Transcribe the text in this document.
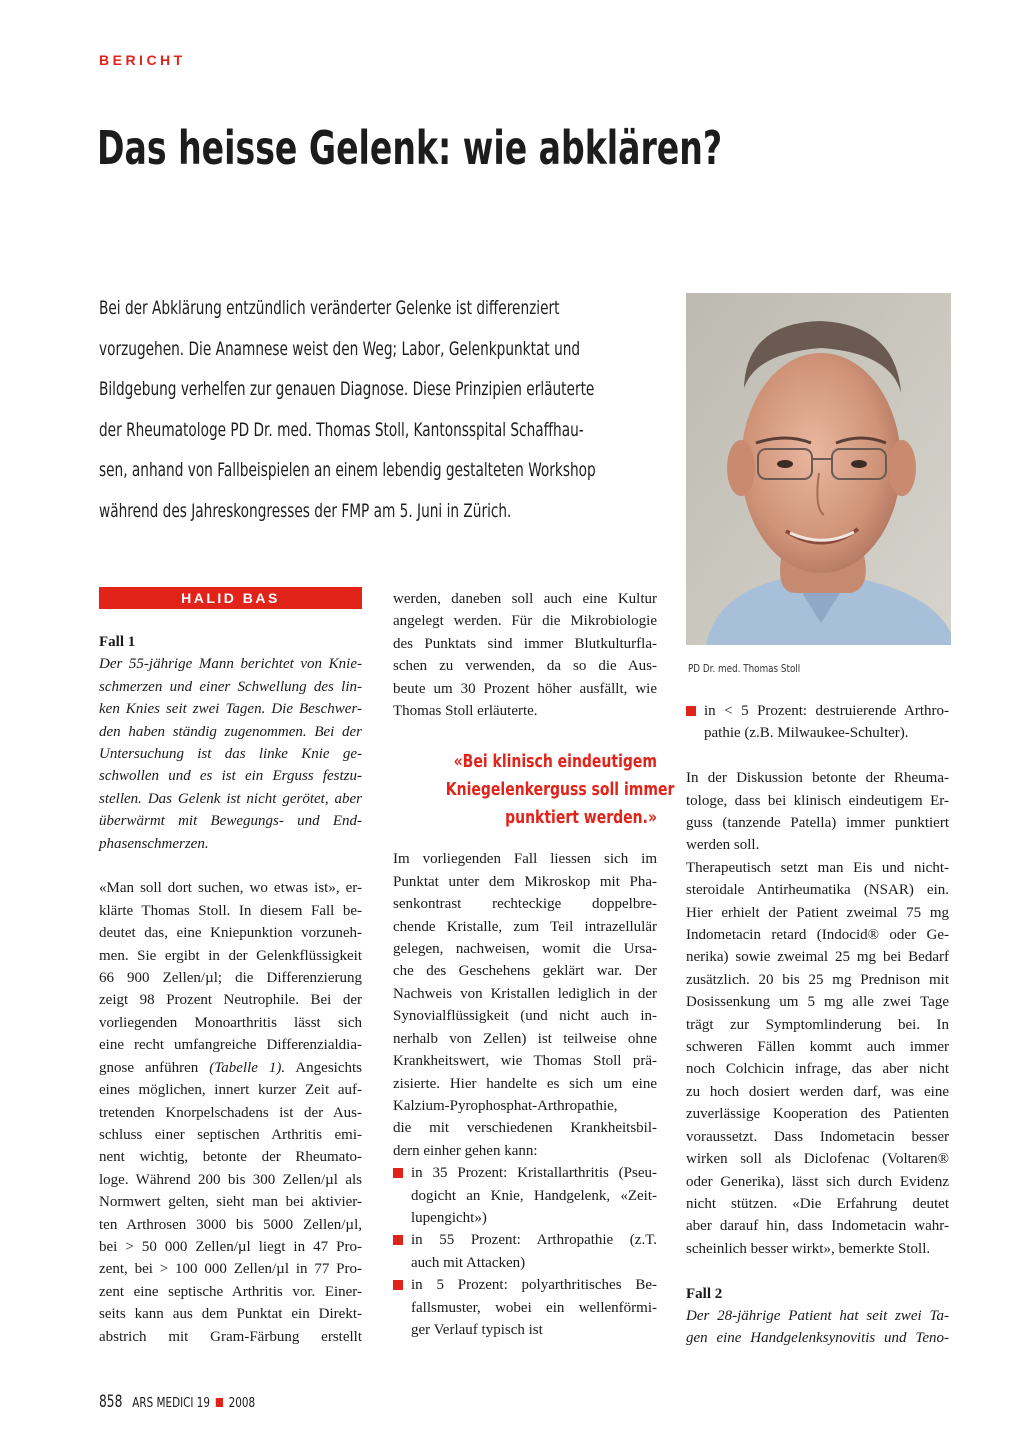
BERICHT
Das heisse Gelenk: wie abklären?
Bei der Abklärung entzündlich veränderter Gelenke ist differenziert
vorzugehen. Die Anamnese weist den Weg; Labor, Gelenkpunktat und
Bildgebung verhelfen zur genauen Diagnose. Diese Prinzipien erläuterte
der Rheumatologe PD Dr. med. Thomas Stoll, Kantonsspital Schaffhau-
sen, anhand von Fallbeispielen an einem lebendig gestalteten Workshop
während des Jahreskongresses der FMP am 5. Juni in Zürich.
PD Dr. med. Thomas Stoll
HALID BAS
Fall 1
Der 55-jährige Mann berichtet von Knie-
schmerzen und einer Schwellung des lin-
ken Knies seit zwei Tagen. Die Beschwer-
den haben ständig zugenommen. Bei der
Untersuchung ist das linke Knie ge-
schwollen und es ist ein Erguss festzu-
stellen. Das Gelenk ist nicht gerötet, aber
überwärmt mit Bewegungs- und End-
phasenschmerzen.
«Man soll dort suchen, wo etwas ist», er-
klärte Thomas Stoll. In diesem Fall be-
deutet das, eine Kniepunktion vorzuneh-
men. Sie ergibt in der Gelenkflüssigkeit
66 900 Zellen/µl; die Differenzierung
zeigt 98 Prozent Neutrophile. Bei der
vorliegenden Monoarthritis lässt sich
eine recht umfangreiche Differenzialdia-
gnose anführen (Tabelle 1). Angesichts
eines möglichen, innert kurzer Zeit auf-
tretenden Knorpelschadens ist der Aus-
schluss einer septischen Arthritis emi-
nent wichtig, betonte der Rheumato-
loge. Während 200 bis 300 Zellen/µl als
Normwert gelten, sieht man bei aktivier-
ten Arthrosen 3000 bis 5000 Zellen/µl,
bei > 50 000 Zellen/µl liegt in 47 Pro-
zent, bei > 100 000 Zellen/µl in 77 Pro-
zent eine septische Arthritis vor. Einer-
seits kann aus dem Punktat ein Direkt-
abstrich mit Gram-Färbung erstellt
werden, daneben soll auch eine Kultur
angelegt werden. Für die Mikrobiologie
des Punktats sind immer Blutkulturfla-
schen zu verwenden, da so die Aus-
beute um 30 Prozent höher ausfällt, wie
Thomas Stoll erläuterte.
«Bei klinisch eindeutigem
Kniegelenkerguss soll immer
punktiert werden.»
Im vorliegenden Fall liessen sich im
Punktat unter dem Mikroskop mit Pha-
senkontrast rechteckige doppelbre-
chende Kristalle, zum Teil intrazellulär
gelegen, nachweisen, womit die Ursa-
che des Geschehens geklärt war. Der
Nachweis von Kristallen lediglich in der
Synovialflüssigkeit (und nicht auch in-
nerhalb von Zellen) ist teilweise ohne
Krankheitswert, wie Thomas Stoll prä-
zisierte. Hier handelte es sich um eine
Kalzium-Pyrophosphat-Arthropathie,
die mit verschiedenen Krankheitsbil-
dern einher gehen kann:
in 35 Prozent: Kristallarthritis (Pseu-
dogicht an Knie, Handgelenk, «Zeit-
lupengicht»)
in 55 Prozent: Arthropathie (z.T.
auch mit Attacken)
in 5 Prozent: polyarthritisches Be-
fallsmuster, wobei ein wellenförmi-
ger Verlauf typisch ist
in < 5 Prozent: destruierende Arthro-
pathie (z.B. Milwaukee-Schulter).
In der Diskussion betonte der Rheuma-
tologe, dass bei klinisch eindeutigem Er-
guss (tanzende Patella) immer punktiert
werden soll.
Therapeutisch setzt man Eis und nicht-
steroidale Antirheumatika (NSAR) ein.
Hier erhielt der Patient zweimal 75 mg
Indometacin retard (Indocid® oder Ge-
nerika) sowie zweimal 25 mg bei Bedarf
zusätzlich. 20 bis 25 mg Prednison mit
Dosissenkung um 5 mg alle zwei Tage
trägt zur Symptomlinderung bei. In
schweren Fällen kommt auch immer
noch Colchicin infrage, das aber nicht
zu hoch dosiert werden darf, was eine
zuverlässige Kooperation des Patienten
voraussetzt. Dass Indometacin besser
wirken soll als Diclofenac (Voltaren®
oder Generika), lässt sich durch Evidenz
nicht stützen. «Die Erfahrung deutet
aber darauf hin, dass Indometacin wahr-
scheinlich besser wirkt», bemerkte Stoll.
Fall 2
Der 28-jährige Patient hat seit zwei Ta-
gen eine Handgelenksynovitis und Teno-
858 ARS MEDICI 19 2008
